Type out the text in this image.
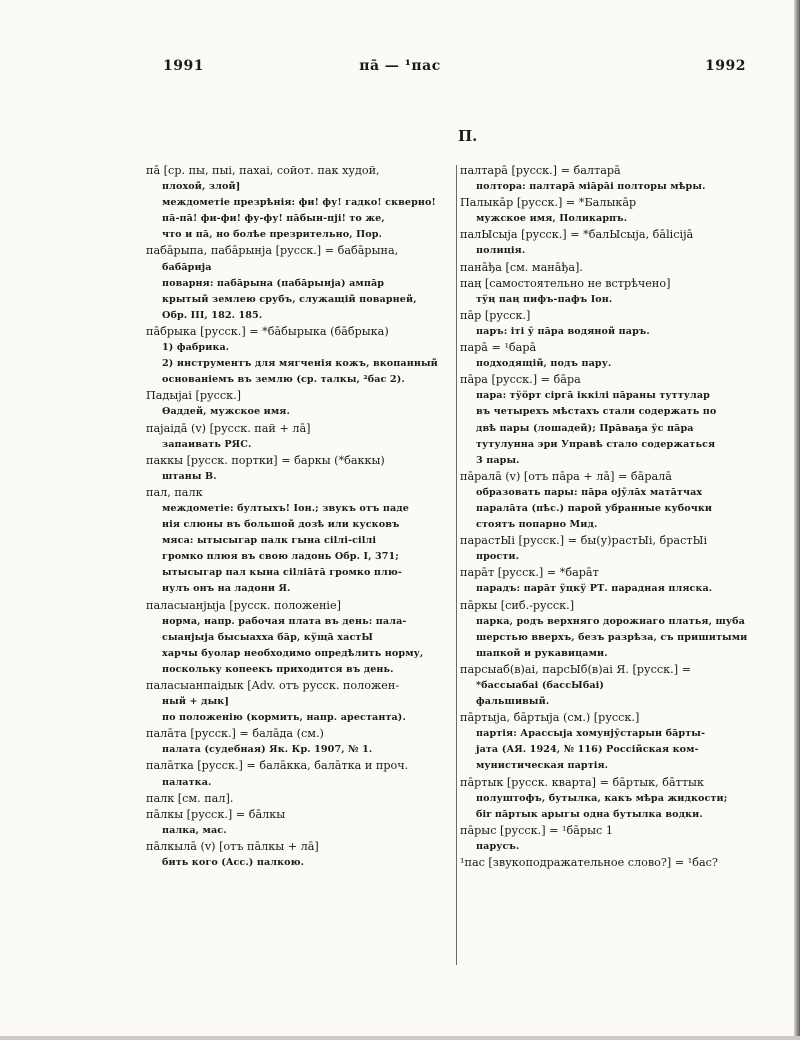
1991	пā — ¹пас	1992
П.
пā [ср. пы, пыі, пахаі, сойот. пак худой,
плохой, злой]
междометіе презрѣнія: фи! фу! гадко! скверно!
пā-пā! фи-фи! фу-фу! пāбын-пjі! то же,
что и пā, но болѣе презрительно, Пор.
пабāрыпа, пабāрынја [русск.] = бабāрына,
бабāрија
поварня: пабāрына (пабāрынја) ампāр
крытый землею срубъ, служащій поварней,
Обр. III, 182. 185.
пāбрыка [русск.] = *бāбырыка (бāбрыка)
1) фабрика.
2) инструментъ для мягченія кожъ, вкопанный
основаніемъ въ землю (ср. талкы, ²бас 2).
Падыјаі [русск.]
Ѳаддей, мужское имя.
пајаідā (v) [русск. пай + лā]
запаивать РЯС.
паккы [русск. портки] = баркы (*баккы)
штаны В.
пал, палк
междометіе: бултыхъ! Іон.; звукъ отъ паде
нія слюны въ большой дозѣ или кусковъ
мяса: ытысыгар палк гына сіlлі-сіlлі
громко плюя въ свою ладонь Обр. I, 371;
ытысыгар пал кына сіlліāтā громко плю-
нулъ онъ на ладони Я.
паласыанјыја [русск. положеніе]
норма, напр. рабочая плата въ день: пала-
сыанјыја бысыахха бāр, кӱщā хастЫ
харчы буолар необходимо опредѣлить норму,
поскольку копеекъ приходится въ день.
паласыанпаідык [Adv. отъ русск. положен-
ный + дык]
по положенію (кормить, напр. арестанта).
палāта [русск.] = балāда (см.)
палата (судебная) Як. Кр. 1907, № 1.
палāтка [русск.] = балāкка, балāтка и проч.
палатка.
палк [см. пал].
пāлкы [русск.] = бāлкы
палка, мас.
пāлкылā (v) [отъ пāлкы + лā]
бить кого (Acc.) палкою.
палтарā [русск.] = балтарā
полтора: палтарā міāрāі полторы мѣры.
Палыкāр [русск.] = *Балыкāр
мужское имя, Поликарпъ.
палЫсыја [русск.] = *балЫсыја, бālісіјā
полиція.
панāђа [см. манāђа].
паң [самостоятельно не встрѣчено]
тӱң паң пифъ-пафъ Іон.
пāр [русск.]
паръ: іті ӯ пāра водяной паръ.
парā = ¹барā
подходящій, подъ пару.
пāра [русск.] = бāра
пара: тӱӧрт сіргā іккілі пāраны туттулар
въ четырехъ мѣстахъ стали содержать по
двѣ пары (лошадей); Прāваҕа ӱс пāра
тутулунна эри Управѣ стало содержаться
3 пары.
пāралā (v) [отъ пāра + лā] = бāралā
образовать пары: пāра ојӯлāх матāтчах
паралāта (пѣс.) парой убранные кубочки
стоятъ попарно Мид.
парастЫі [русск.] = бы(у)растЫі, брастЫі
прости.
парāт [русск.] = *барāт
парадъ: парāт ӱцкӱ РТ. парадная пляска.
пāркы [сиб.-русск.]
парка, родъ верхняго дорожнаго платья, шуба
шерстью вверхъ, безъ разрѣза, съ пришитыми
шапкой и рукавицами.
парсыаб(в)аі, парсЫб(в)аі Я. [русск.] =
*бассыабаі (бассЫбаі)
фальшивый.
пāртыја, бāртыја (см.) [русск.]
партія: Арассыја хомунјӯстарын бāрты-
јата (АЯ. 1924, № 116) Россійская ком-
мунистическая партія.
пāртык [русск. кварта] = бāртык, бāттык
полуштофъ, бутылка, какъ мѣра жидкости;
біr пāртык арыгы одна бутылка водки.
пāрыс [русск.] = ¹бāрыс 1
парусъ.
¹пас [звукоподражательное слово?] = ¹бас?
